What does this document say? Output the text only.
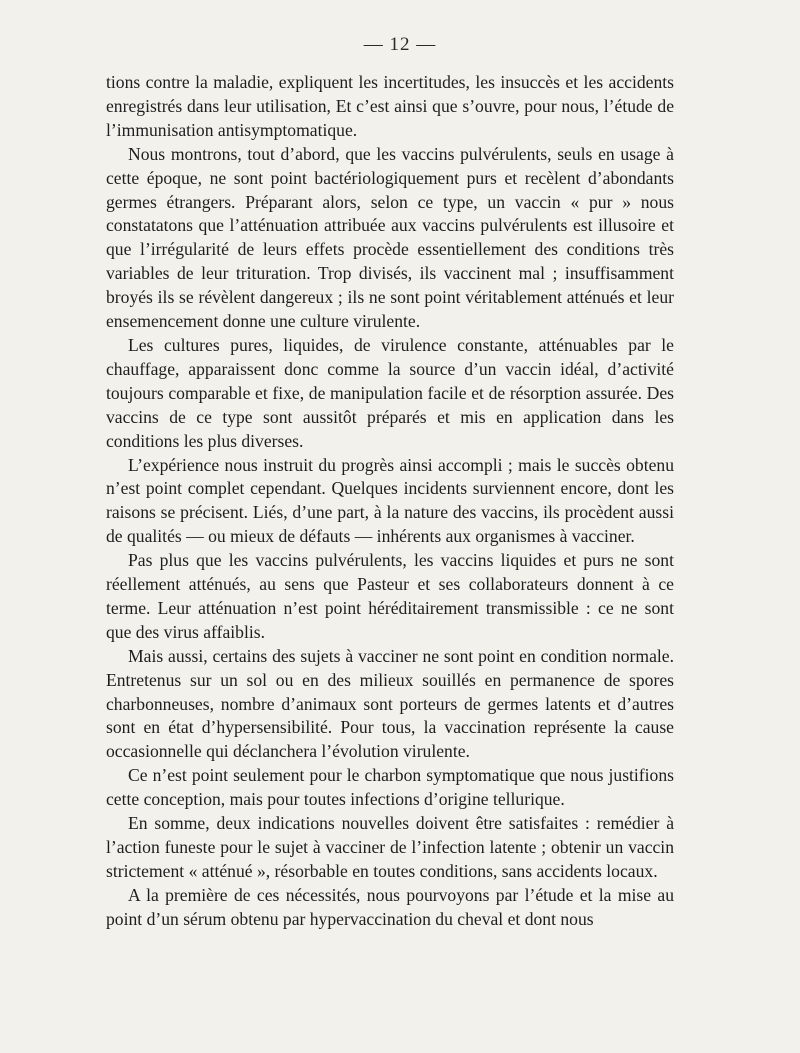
— 12 —

tions contre la maladie, expliquent les incertitudes, les insuccès et les accidents enregistrés dans leur utilisation, Et c’est ainsi que s’ouvre, pour nous, l’étude de l’immunisation antisymptomatique.

Nous montrons, tout d’abord, que les vaccins pulvérulents, seuls en usage à cette époque, ne sont point bactériologiquement purs et recèlent d’abondants germes étrangers. Préparant alors, selon ce type, un vaccin « pur » nous constatatons que l’atténuation attribuée aux vaccins pulvérulents est illusoire et que l’irrégularité de leurs effets procède essentiellement des conditions très variables de leur trituration. Trop divisés, ils vaccinent mal ; insuffisamment broyés ils se révèlent dangereux ; ils ne sont point véritablement atténués et leur ensemencement donne une culture virulente.

Les cultures pures, liquides, de virulence constante, atténuables par le chauffage, apparaissent donc comme la source d’un vaccin idéal, d’activité toujours comparable et fixe, de manipulation facile et de résorption assurée. Des vaccins de ce type sont aussitôt préparés et mis en application dans les conditions les plus diverses.

L’expérience nous instruit du progrès ainsi accompli ; mais le succès obtenu n’est point complet cependant. Quelques incidents surviennent encore, dont les raisons se précisent. Liés, d’une part, à la nature des vaccins, ils procèdent aussi de qualités — ou mieux de défauts — inhérents aux organismes à vacciner.

Pas plus que les vaccins pulvérulents, les vaccins liquides et purs ne sont réellement atténués, au sens que Pasteur et ses collaborateurs donnent à ce terme. Leur atténuation n’est point héréditairement transmissible : ce ne sont que des virus affaiblis.

Mais aussi, certains des sujets à vacciner ne sont point en condition normale. Entretenus sur un sol ou en des milieux souillés en permanence de spores charbonneuses, nombre d’animaux sont porteurs de germes latents et d’autres sont en état d’hypersensibilité. Pour tous, la vaccination représente la cause occasionnelle qui déclanchera l’évolution virulente.

Ce n’est point seulement pour le charbon symptomatique que nous justifions cette conception, mais pour toutes infections d’origine tellurique.

En somme, deux indications nouvelles doivent être satisfaites : remédier à l’action funeste pour le sujet à vacciner de l’infection latente ; obtenir un vaccin strictement « atténué », résorbable en toutes conditions, sans accidents locaux.

A la première de ces nécessités, nous pourvoyons par l’étude et la mise au point d’un sérum obtenu par hypervaccination du cheval et dont nous
